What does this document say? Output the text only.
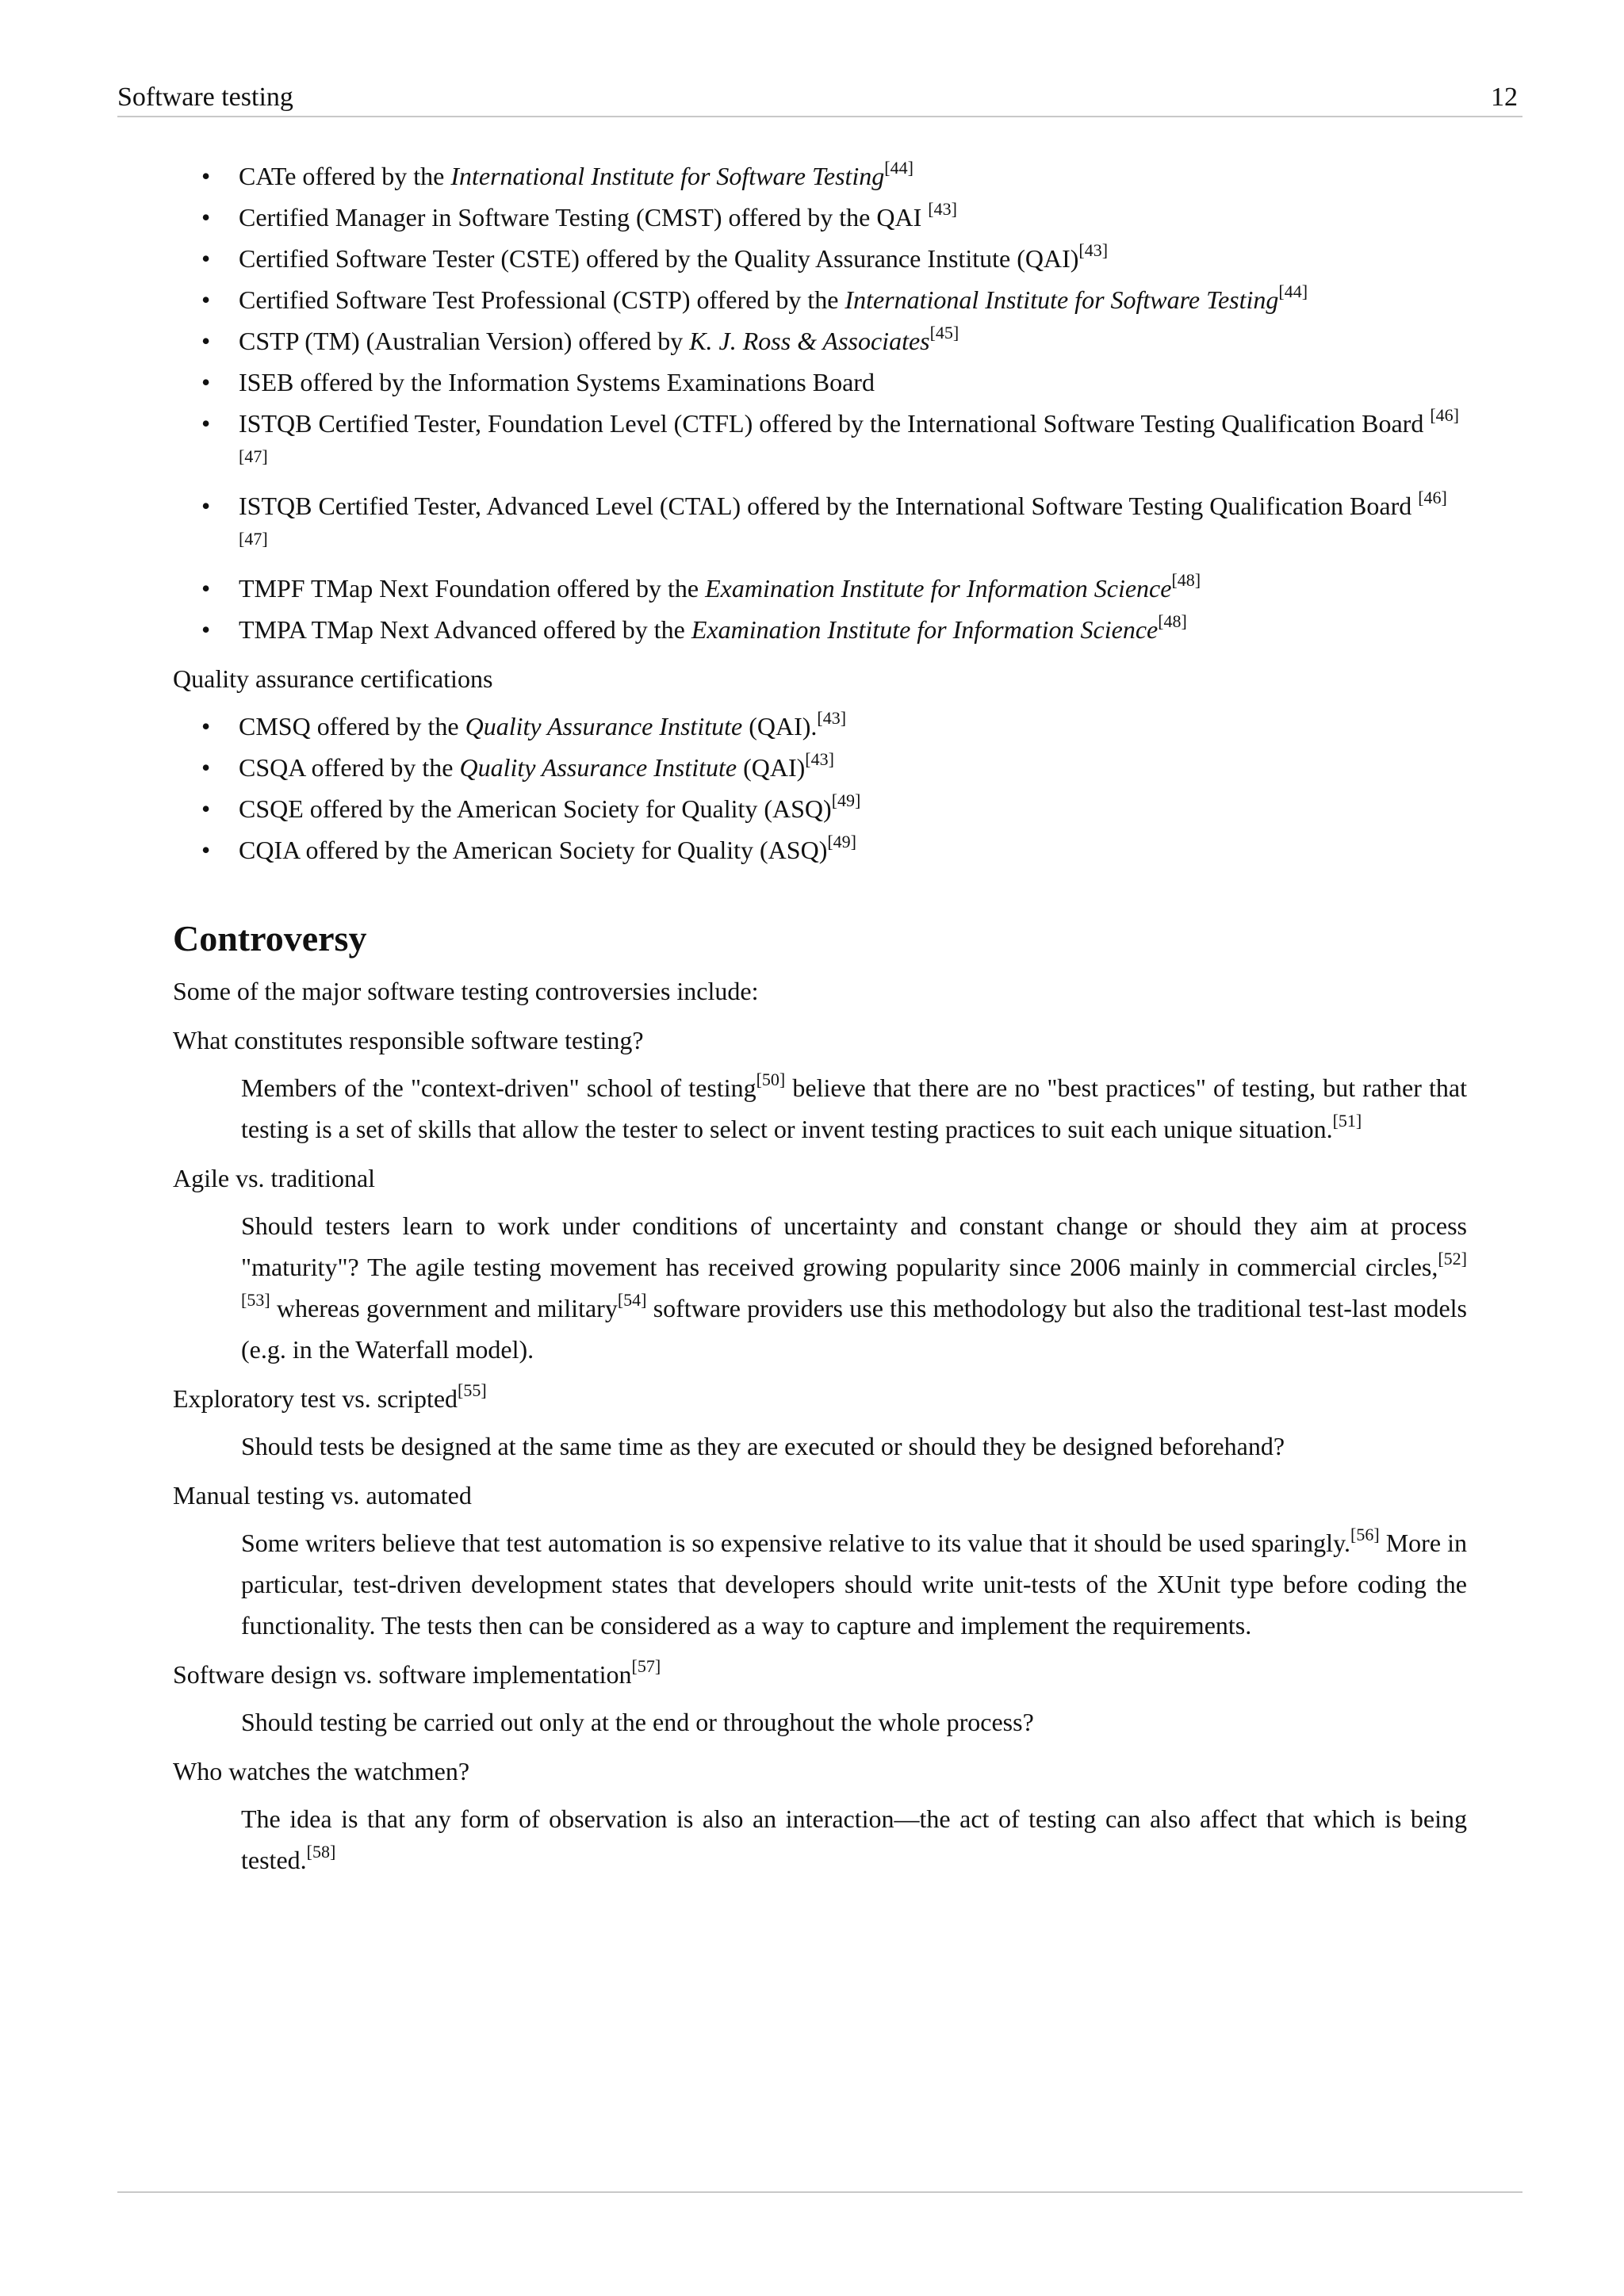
Software testing	12
• CATe offered by the International Institute for Software Testing[44]
• Certified Manager in Software Testing (CMST) offered by the QAI [43]
• Certified Software Tester (CSTE) offered by the Quality Assurance Institute (QAI)[43]
• Certified Software Test Professional (CSTP) offered by the International Institute for Software Testing[44]
• CSTP (TM) (Australian Version) offered by K. J. Ross & Associates[45]
• ISEB offered by the Information Systems Examinations Board
• ISTQB Certified Tester, Foundation Level (CTFL) offered by the International Software Testing Qualification Board [46] [47]
• ISTQB Certified Tester, Advanced Level (CTAL) offered by the International Software Testing Qualification Board [46] [47]
• TMPF TMap Next Foundation offered by the Examination Institute for Information Science[48]
• TMPA TMap Next Advanced offered by the Examination Institute for Information Science[48]
Quality assurance certifications
• CMSQ offered by the Quality Assurance Institute (QAI).[43]
• CSQA offered by the Quality Assurance Institute (QAI)[43]
• CSQE offered by the American Society for Quality (ASQ)[49]
• CQIA offered by the American Society for Quality (ASQ)[49]
Controversy
Some of the major software testing controversies include:
What constitutes responsible software testing?
Members of the "context-driven" school of testing[50] believe that there are no "best practices" of testing, but rather that testing is a set of skills that allow the tester to select or invent testing practices to suit each unique situation.[51]
Agile vs. traditional
Should testers learn to work under conditions of uncertainty and constant change or should they aim at process "maturity"? The agile testing movement has received growing popularity since 2006 mainly in commercial circles,[52] [53] whereas government and military[54] software providers use this methodology but also the traditional test-last models (e.g. in the Waterfall model).
Exploratory test vs. scripted[55]
Should tests be designed at the same time as they are executed or should they be designed beforehand?
Manual testing vs. automated
Some writers believe that test automation is so expensive relative to its value that it should be used sparingly.[56] More in particular, test-driven development states that developers should write unit-tests of the XUnit type before coding the functionality. The tests then can be considered as a way to capture and implement the requirements.
Software design vs. software implementation[57]
Should testing be carried out only at the end or throughout the whole process?
Who watches the watchmen?
The idea is that any form of observation is also an interaction—the act of testing can also affect that which is being tested.[58]
